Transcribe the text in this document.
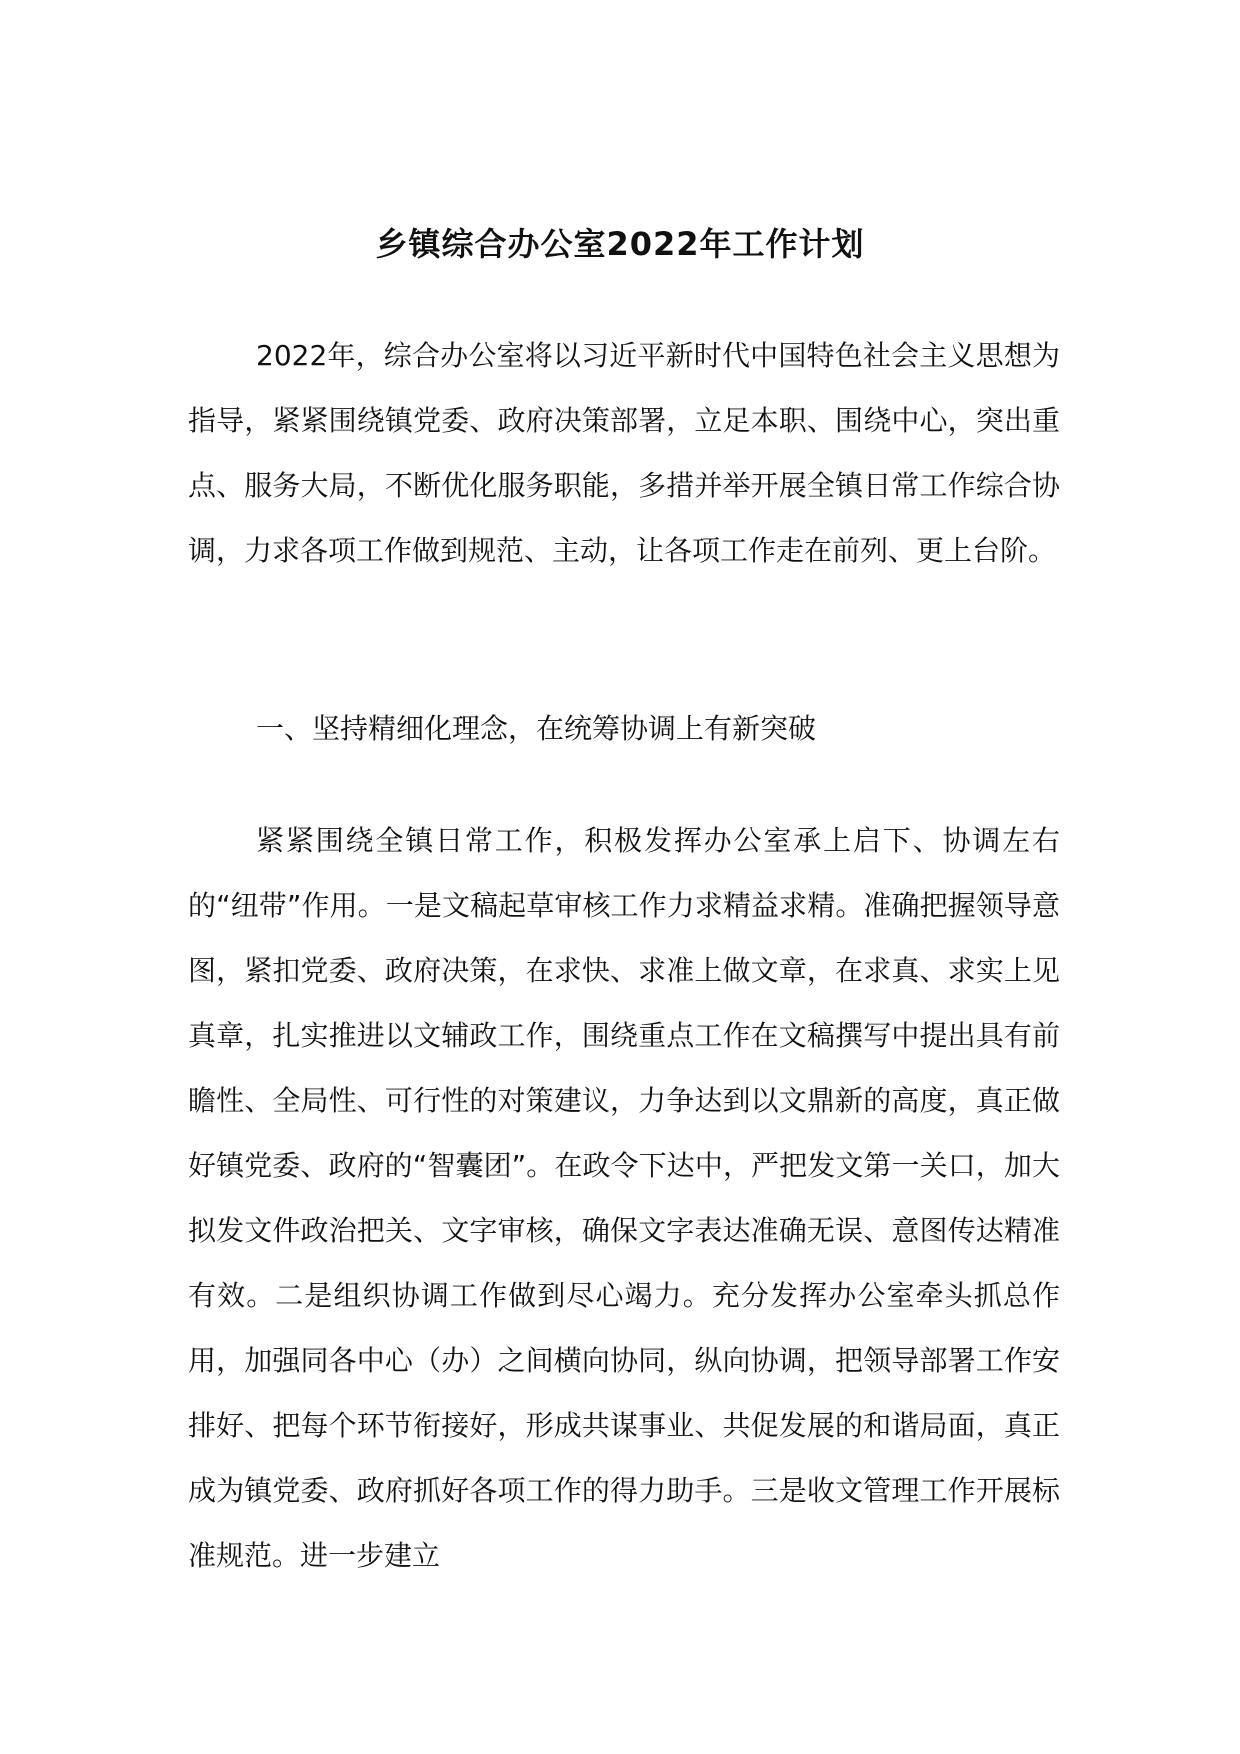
乡镇综合办公室2022年工作计划

2022年，综合办公室将以习近平新时代中国特色社会主义思想为指导，紧紧围绕镇党委、政府决策部署，立足本职、围绕中心，突出重点、服务大局，不断优化服务职能，多措并举开展全镇日常工作综合协调，力求各项工作做到规范、主动，让各项工作走在前列、更上台阶。

一、坚持精细化理念，在统筹协调上有新突破

紧紧围绕全镇日常工作，积极发挥办公室承上启下、协调左右的“纽带”作用。一是文稿起草审核工作力求精益求精。准确把握领导意图，紧扣党委、政府决策，在求快、求准上做文章，在求真、求实上见真章，扎实推进以文辅政工作，围绕重点工作在文稿撰写中提出具有前瞻性、全局性、可行性的对策建议，力争达到以文鼎新的高度，真正做好镇党委、政府的“智囊团”。在政令下达中，严把发文第一关口，加大拟发文件政治把关、文字审核，确保文字表达准确无误、意图传达精准有效。二是组织协调工作做到尽心竭力。充分发挥办公室牵头抓总作用，加强同各中心（办）之间横向协同，纵向协调，把领导部署工作安排好、把每个环节衔接好，形成共谋事业、共促发展的和谐局面，真正成为镇党委、政府抓好各项工作的得力助手。三是收文管理工作开展标准规范。进一步建立
